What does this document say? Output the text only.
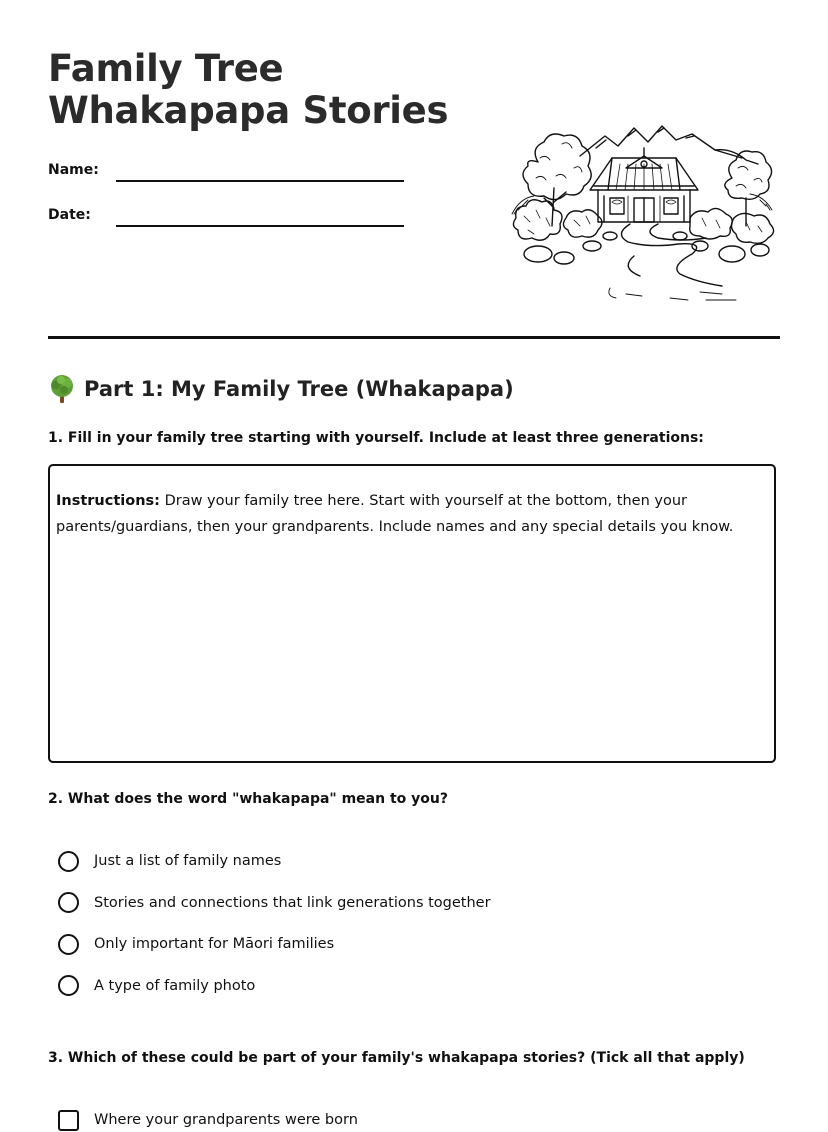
Family Tree Whakapapa Stories
Name:
Date:
Part 1: My Family Tree (Whakapapa)

1. Fill in your family tree starting with yourself. Include at least three generations:

Instructions: Draw your family tree here. Start with yourself at the bottom, then your parents/guardians, then your grandparents. Include names and any special details you know.

2. What does the word "whakapapa" mean to you?

Just a list of family names
Stories and connections that link generations together
Only important for Māori families
A type of family photo

3. Which of these could be part of your family's whakapapa stories? (Tick all that apply)

Where your grandparents were born
